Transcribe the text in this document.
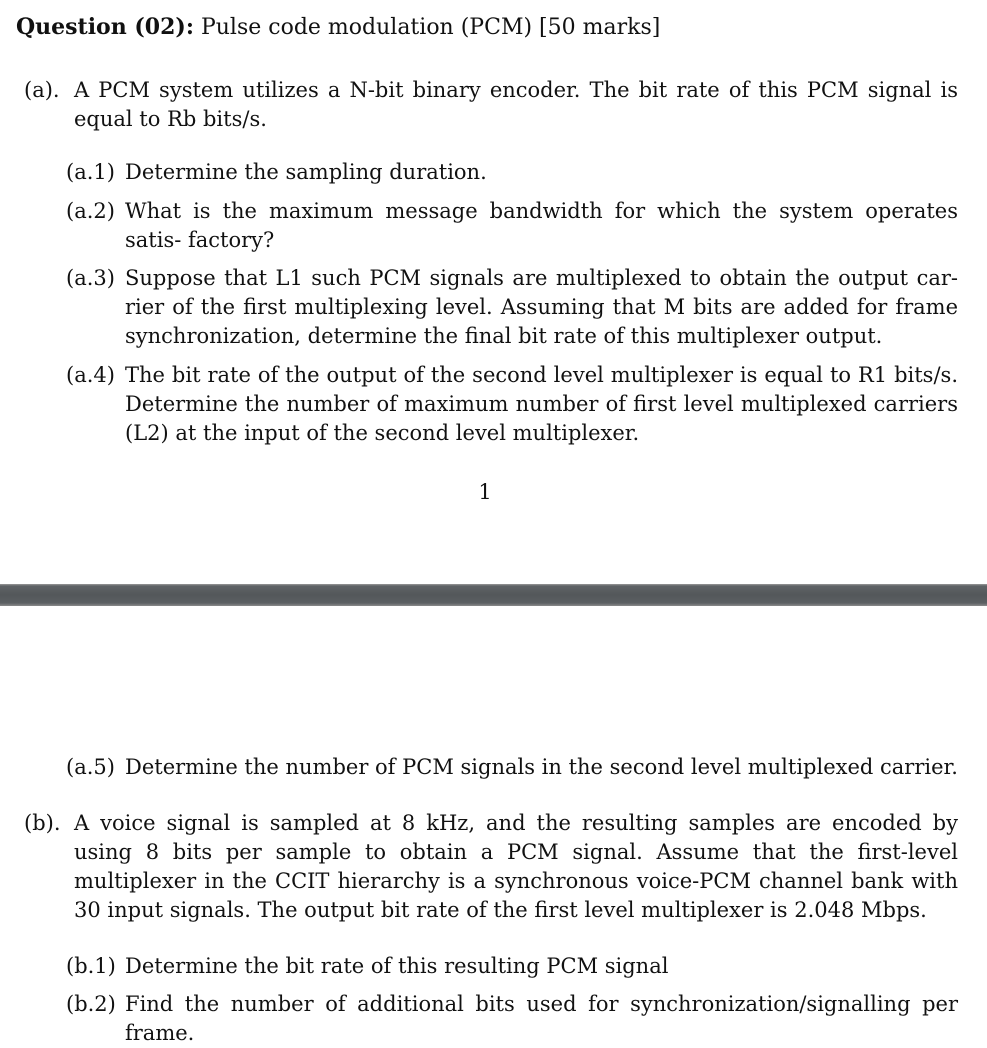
Question (02): Pulse code modulation (PCM) [50 marks]
(a). A PCM system utilizes a N-bit binary encoder. The bit rate of this PCM signal is equal to Rb bits/s.
(a.1) Determine the sampling duration.
(a.2) What is the maximum message bandwidth for which the system operates satis- factory?
(a.3) Suppose that L1 such PCM signals are multiplexed to obtain the output car- rier of the first multiplexing level. Assuming that M bits are added for frame synchronization, determine the final bit rate of this multiplexer output.
(a.4) The bit rate of the output of the second level multiplexer is equal to R1 bits/s. Determine the number of maximum number of first level multiplexed carriers (L2) at the input of the second level multiplexer.
1
(a.5) Determine the number of PCM signals in the second level multiplexed carrier.
(b). A voice signal is sampled at 8 kHz, and the resulting samples are encoded by using 8 bits per sample to obtain a PCM signal. Assume that the first-level multiplexer in the CCIT hierarchy is a synchronous voice-PCM channel bank with 30 input signals. The output bit rate of the first level multiplexer is 2.048 Mbps.
(b.1) Determine the bit rate of this resulting PCM signal
(b.2) Find the number of additional bits used for synchronization/signalling per frame.
